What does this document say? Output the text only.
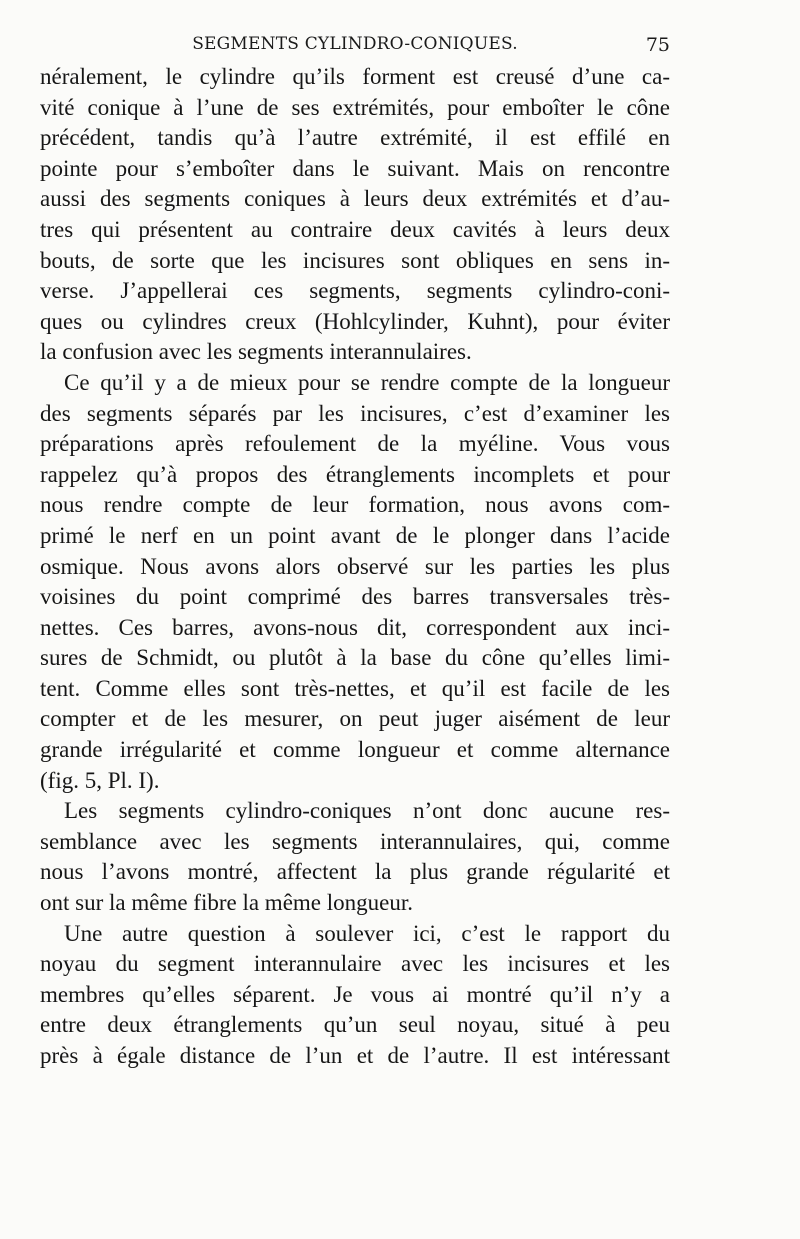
SEGMENTS CYLINDRO-CONIQUES.	75
néralement, le cylindre qu’ils forment est creusé d’une ca-
vité conique à l’une de ses extrémités, pour emboîter le cône
précédent, tandis qu’à l’autre extrémité, il est effilé en
pointe pour s’emboîter dans le suivant. Mais on rencontre
aussi des segments coniques à leurs deux extrémités et d’au-
tres qui présentent au contraire deux cavités à leurs deux
bouts, de sorte que les incisures sont obliques en sens in-
verse. J’appellerai ces segments, segments cylindro-coni-
ques ou cylindres creux (Hohlcylinder, Kuhnt), pour éviter
la confusion avec les segments interannulaires.
Ce qu’il y a de mieux pour se rendre compte de la longueur
des segments séparés par les incisures, c’est d’examiner les
préparations après refoulement de la myéline. Vous vous
rappelez qu’à propos des étranglements incomplets et pour
nous rendre compte de leur formation, nous avons com-
primé le nerf en un point avant de le plonger dans l’acide
osmique. Nous avons alors observé sur les parties les plus
voisines du point comprimé des barres transversales très-
nettes. Ces barres, avons-nous dit, correspondent aux inci-
sures de Schmidt, ou plutôt à la base du cône qu’elles limi-
tent. Comme elles sont très-nettes, et qu’il est facile de les
compter et de les mesurer, on peut juger aisément de leur
grande irrégularité et comme longueur et comme alternance
(fig. 5, Pl. I).
Les segments cylindro-coniques n’ont donc aucune res-
semblance avec les segments interannulaires, qui, comme
nous l’avons montré, affectent la plus grande régularité et
ont sur la même fibre la même longueur.
Une autre question à soulever ici, c’est le rapport du
noyau du segment interannulaire avec les incisures et les
membres qu’elles séparent. Je vous ai montré qu’il n’y a
entre deux étranglements qu’un seul noyau, situé à peu
près à égale distance de l’un et de l’autre. Il est intéressant
